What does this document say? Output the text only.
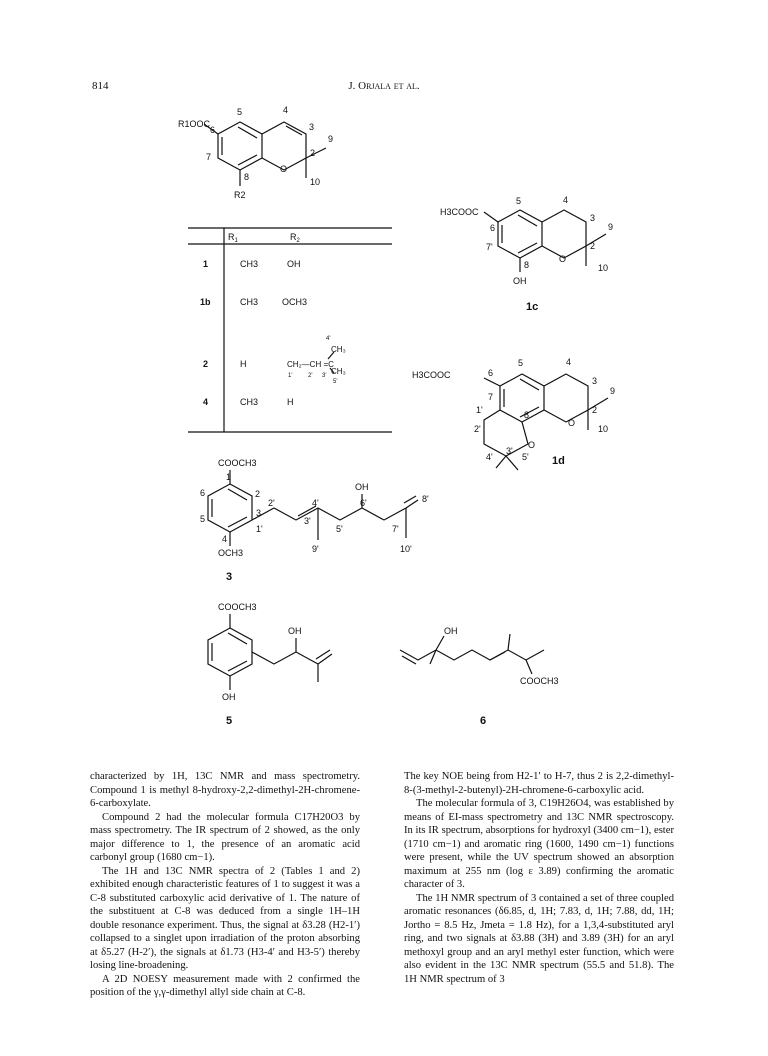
814	J. Orjala et al.
R1OOC
R2
5	4
3
6
2
9
7
8
O
10
$R_1$	$R_2$
1	CH3	OH
1b	CH3	OCH3
2	H
4	CH3	H
CH₂—CH =C
CH₃
CH₃
4'
1'	2' 3'
5'
H3COOC
OH
5	4
3
6	9
7'	2
8
O
10
1c
H3COOC
5	4
6
3
9
7
1'	8	2
O
10
2'
4'
3'
5'
O
1d
COOCH3
OCH3
OH
1
6	2
5
3
2'	4'	6'	8'
4
1'
3'
5'	7'
9'	10'
3
COOCH3
OH
OH
5
OH
COOCH3
6

characterized by 1H, 13C NMR and mass spectrometry. Compound 1 is methyl 8-hydroxy-2,2-dimethyl-2H-chromene-6-carboxylate.

Compound 2 had the molecular formula C17H20O3 by mass spectrometry. The IR spectrum of 2 showed, as the only major difference to 1, the presence of an aromatic acid carbonyl group (1680 cm−1).

The 1H and 13C NMR spectra of 2 (Tables 1 and 2) exhibited enough characteristic features of 1 to suggest it was a C-8 substituted carboxylic acid derivative of 1. The nature of the substituent at C-8 was deduced from a single 1H–1H double resonance experiment. Thus, the signal at δ3.28 (H2-1′) collapsed to a singlet upon irradiation of the proton absorbing at δ5.27 (H-2′), the signals at δ1.73 (H3-4′ and H3-5′) thereby losing line-broadening.

A 2D NOESY measurement made with 2 confirmed the position of the γ,γ-dimethyl allyl side chain at C-8.

The key NOE being from H2-1′ to H-7, thus 2 is 2,2-dimethyl-8-(3-methyl-2-butenyl)-2H-chromene-6-carboxylic acid.

The molecular formula of 3, C19H26O4, was established by means of EI-mass spectrometry and 13C NMR spectroscopy. In its IR spectrum, absorptions for hydroxyl (3400 cm−1), ester (1710 cm−1) and aromatic ring (1600, 1490 cm−1) functions were present, while the UV spectrum showed an absorption maximum at 255 nm (log ε 3.89) confirming the aromatic character of 3.

The 1H NMR spectrum of 3 contained a set of three coupled aromatic resonances (δ6.85, d, 1H; 7.83, d, 1H; 7.88, dd, 1H; Jortho = 8.5 Hz, Jmeta = 1.8 Hz), for a 1,3,4-substituted aryl ring, and two signals at δ3.88 (3H) and 3.89 (3H) for an aryl methoxyl group and an aryl methyl ester function, which were also evident in the 13C NMR spectrum (55.5 and 51.8). The 1H NMR spectrum of 3
